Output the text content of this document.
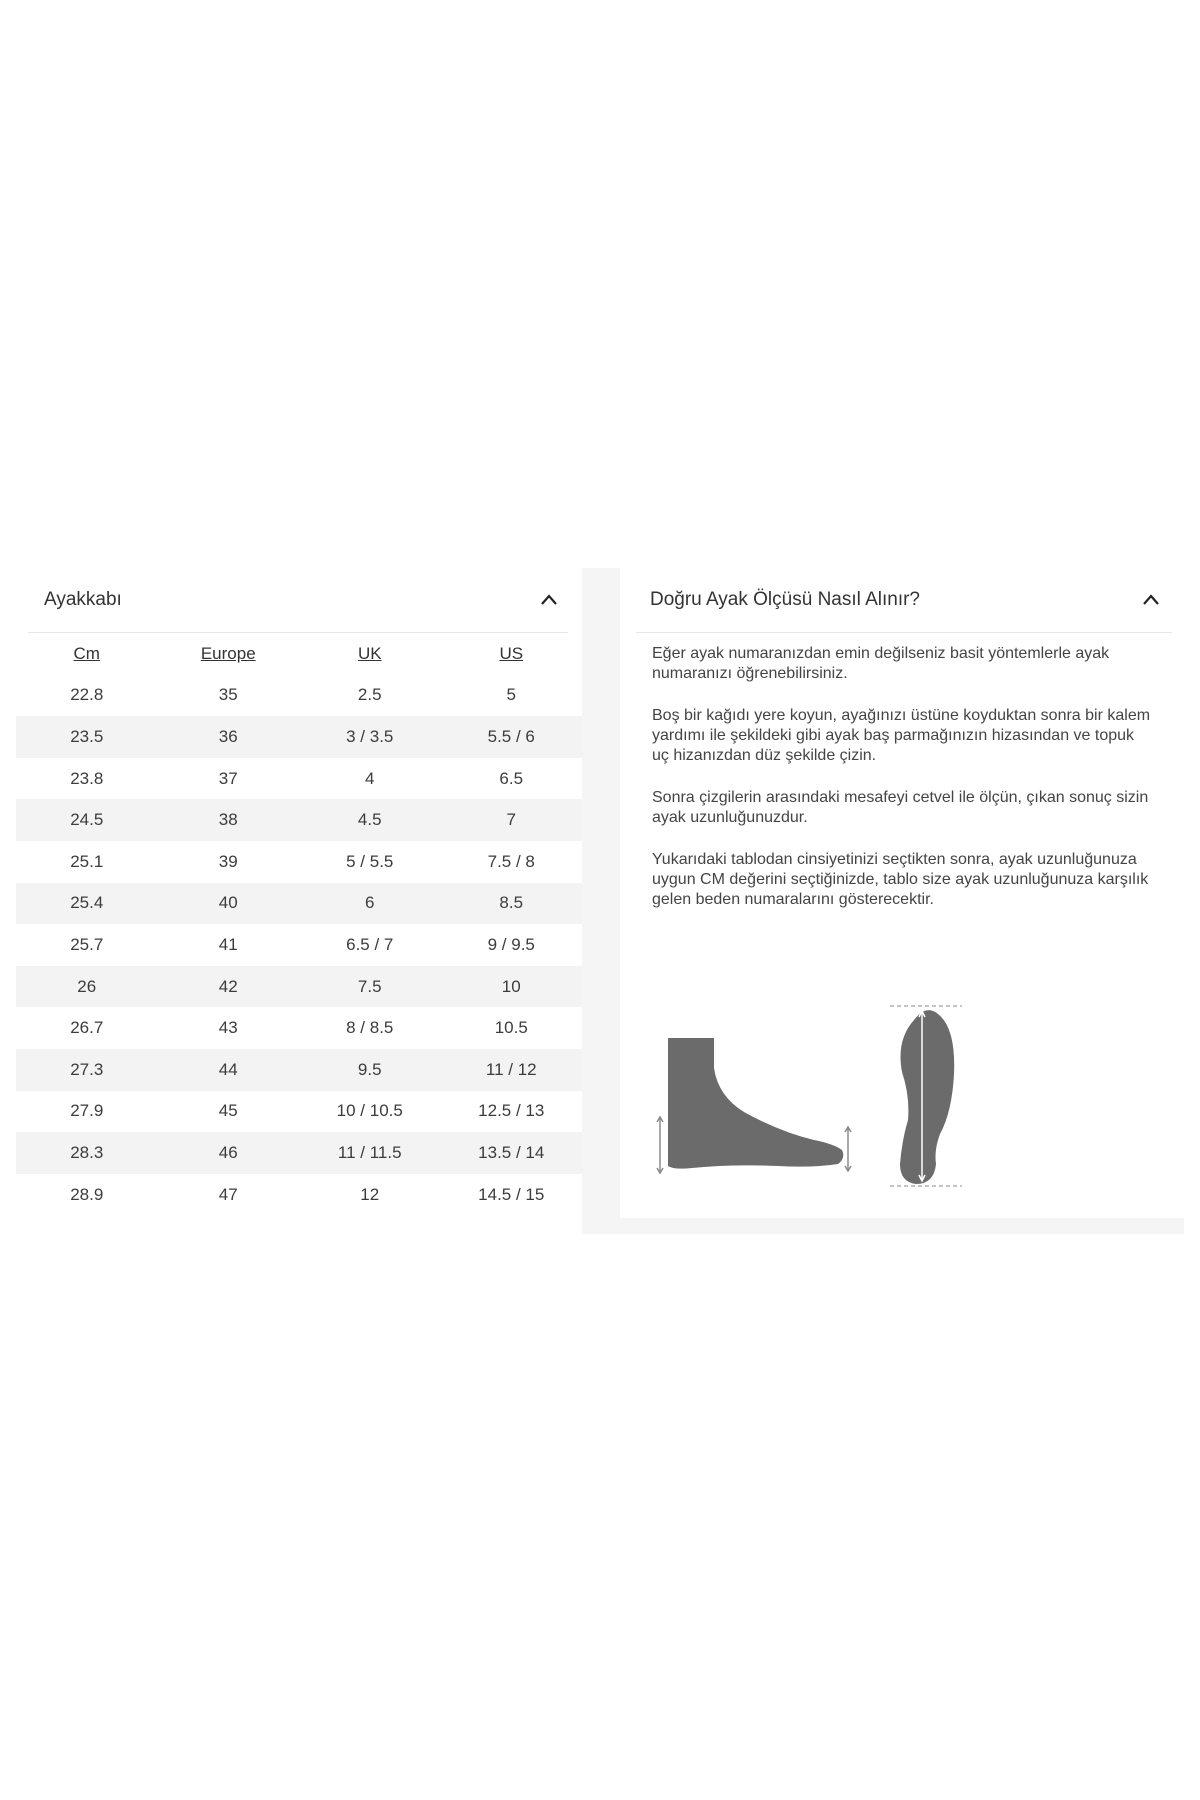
Ayakkabı
Cm	Europe	UK	US
22.8	35	2.5	5
23.5	36	3 / 3.5	5.5 / 6
23.8	37	4	6.5
24.5	38	4.5	7
25.1	39	5 / 5.5	7.5 / 8
25.4	40	6	8.5
25.7	41	6.5 / 7	9 / 9.5
26	42	7.5	10
26.7	43	8 / 8.5	10.5
27.3	44	9.5	11 / 12
27.9	45	10 / 10.5	12.5 / 13
28.3	46	11 / 11.5	13.5 / 14
28.9	47	12	14.5 / 15
Doğru Ayak Ölçüsü Nasıl Alınır?

Eğer ayak numaranızdan emin değilseniz basit yöntemlerle ayak numaranızı öğrenebilirsiniz.

Boş bir kağıdı yere koyun, ayağınızı üstüne koyduktan sonra bir kalem yardımı ile şekildeki gibi ayak baş parmağınızın hizasından ve topuk uç hizanızdan düz şekilde çizin.

Sonra çizgilerin arasındaki mesafeyi cetvel ile ölçün, çıkan sonuç sizin ayak uzunluğunuzdur.

Yukarıdaki tablodan cinsiyetinizi seçtikten sonra, ayak uzunluğunuza uygun CM değerini seçtiğinizde, tablo size ayak uzunluğunuza karşılık gelen beden numaralarını gösterecektir.
